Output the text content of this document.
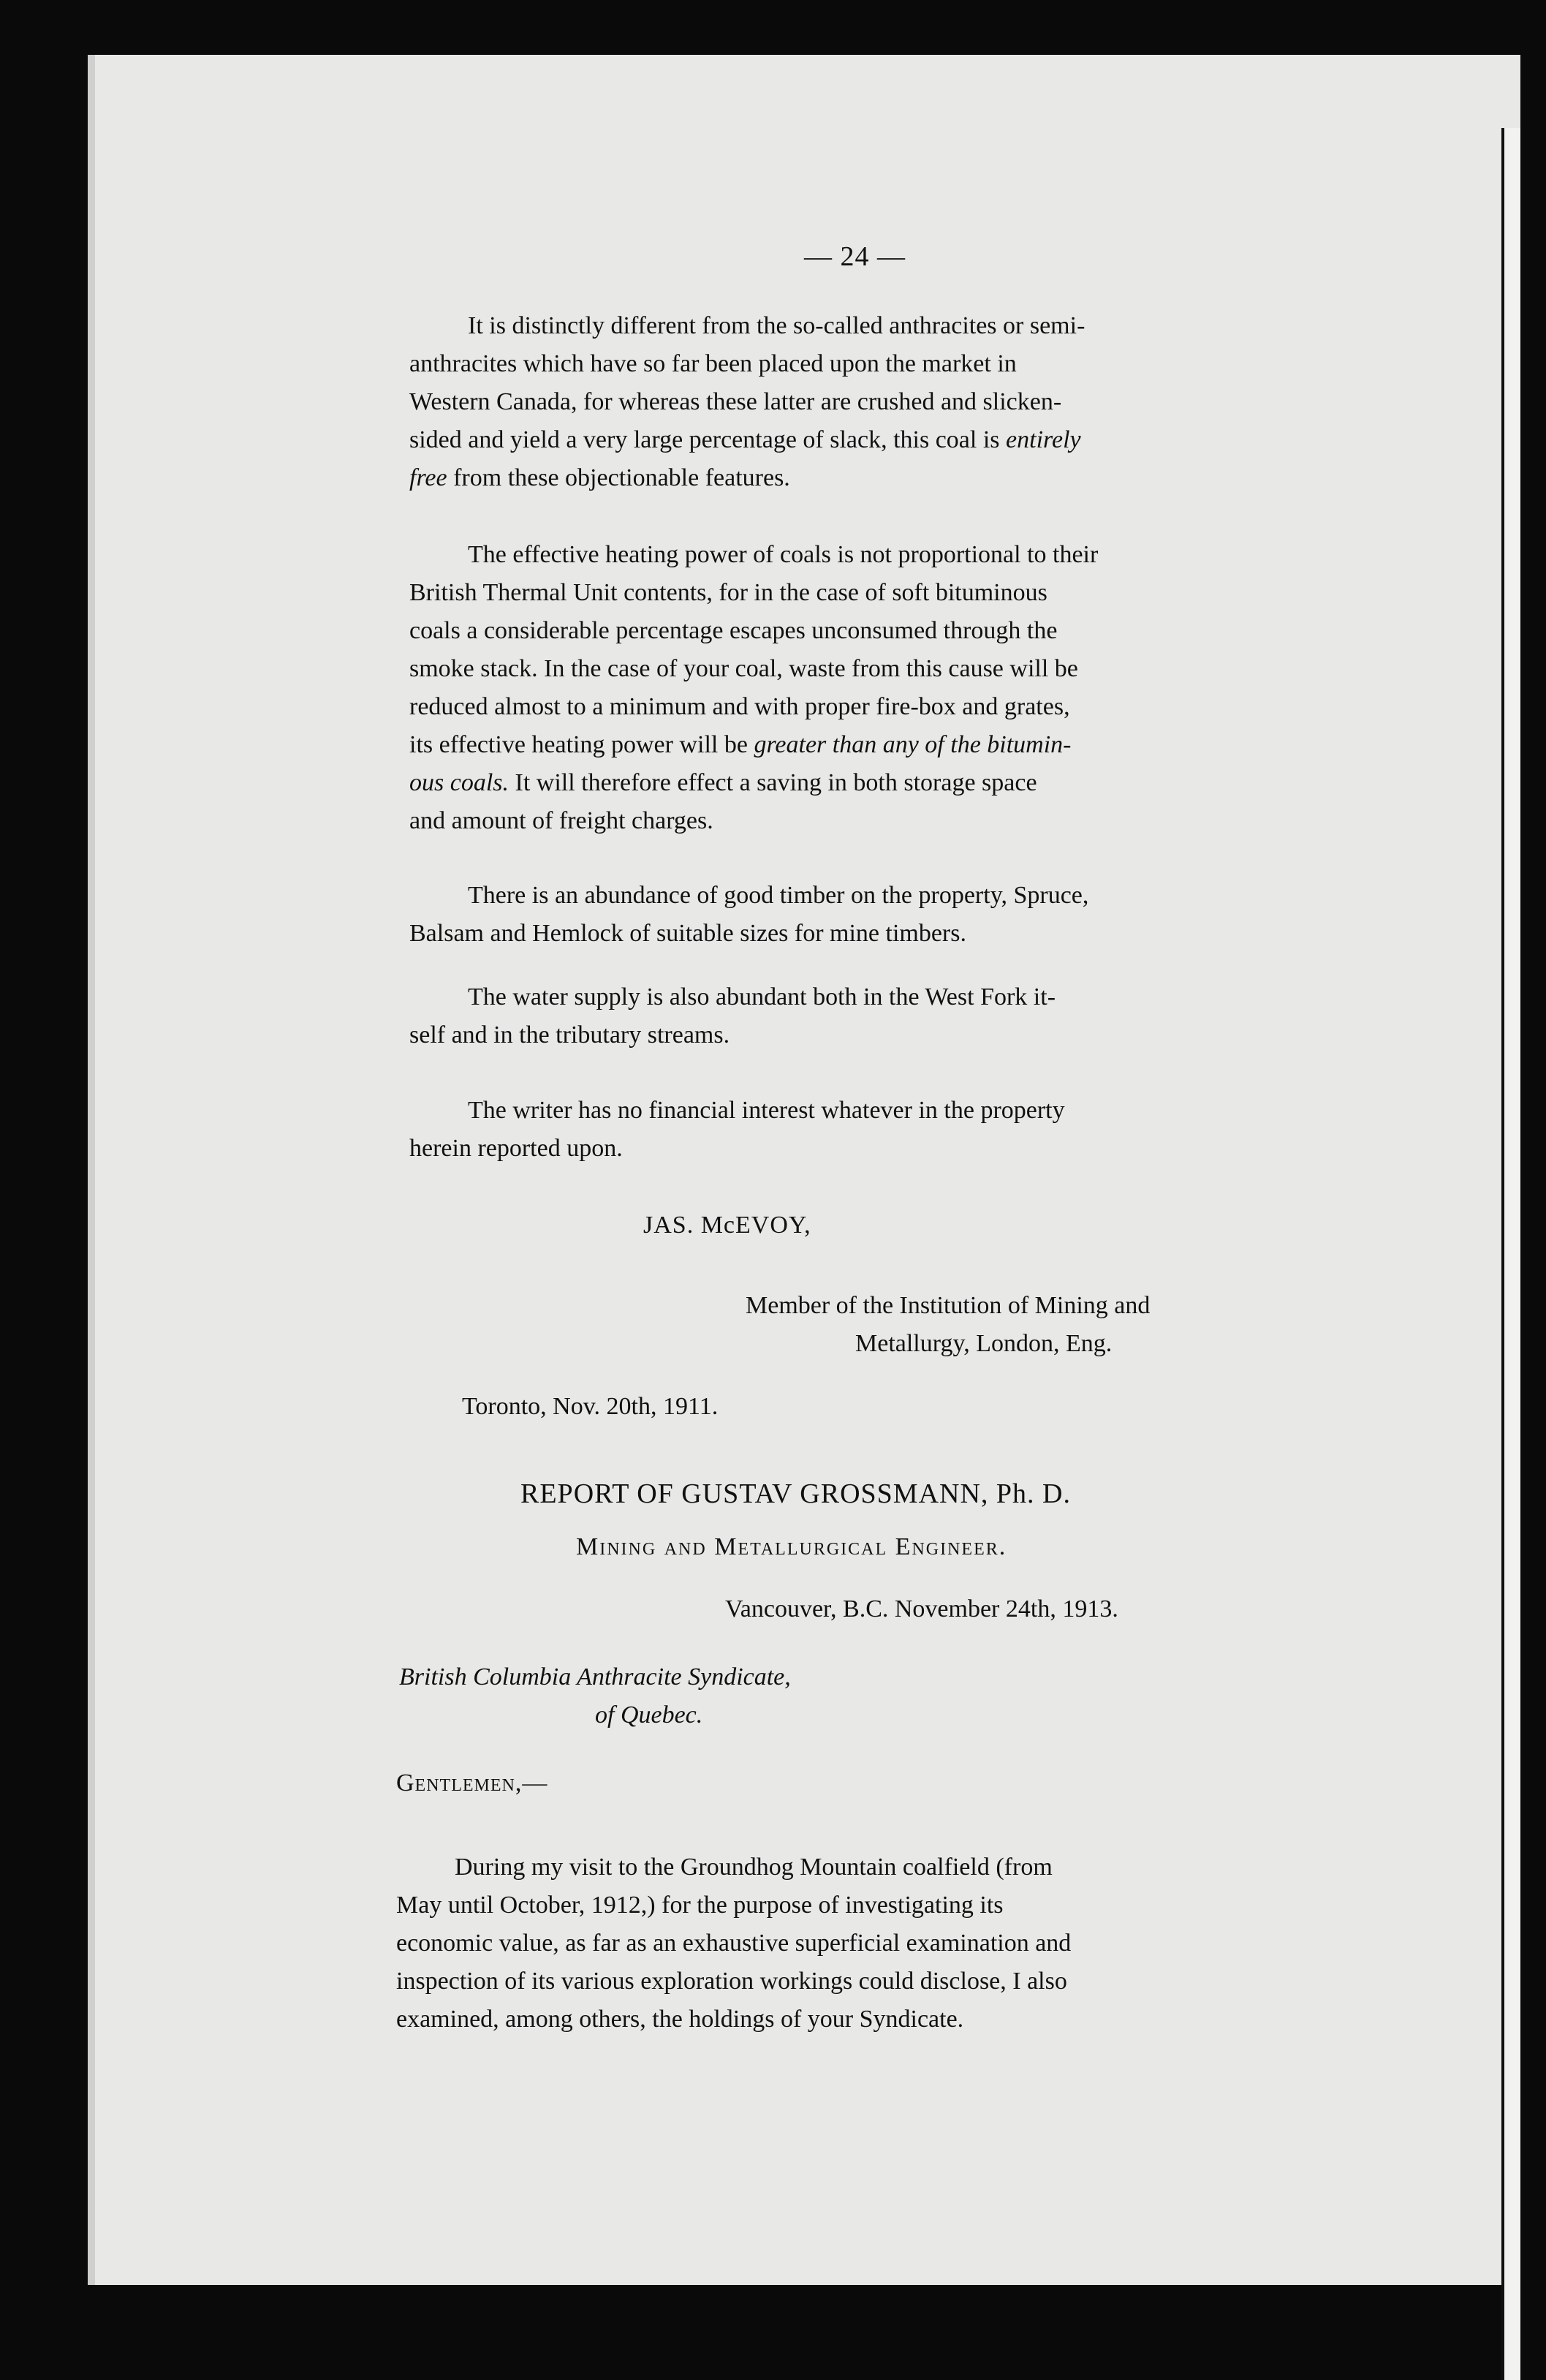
— 24 —

It is distinctly different from the so-called anthracites or semi-

anthracites which have so far been placed upon the market in

Western Canada, for whereas these latter are crushed and slicken-

sided and yield a very large percentage of slack, this coal is entirely

free from these objectionable features.

The effective heating power of coals is not proportional to their

British Thermal Unit contents, for in the case of soft bituminous

coals a considerable percentage escapes unconsumed through the

smoke stack. In the case of your coal, waste from this cause will be

reduced almost to a minimum and with proper fire-box and grates,

its effective heating power will be greater than any of the bitumin-

ous coals. It will therefore effect a saving in both storage space

and amount of freight charges.

There is an abundance of good timber on the property, Spruce,

Balsam and Hemlock of suitable sizes for mine timbers.

The water supply is also abundant both in the West Fork it-

self and in the tributary streams.

The writer has no financial interest whatever in the property

herein reported upon.

JAS. McEVOY,
Member of the Institution of Mining and
Metallurgy, London, Eng.
Toronto, Nov. 20th, 1911.
REPORT OF GUSTAV GROSSMANN, Ph. D.
Mining and Metallurgical Engineer.
Vancouver, B.C. November 24th, 1913.
British Columbia Anthracite Syndicate,
of Quebec.
Gentlemen,—

During my visit to the Groundhog Mountain coalfield (from

May until October, 1912,) for the purpose of investigating its

economic value, as far as an exhaustive superficial examination and

inspection of its various exploration workings could disclose, I also

examined, among others, the holdings of your Syndicate.
